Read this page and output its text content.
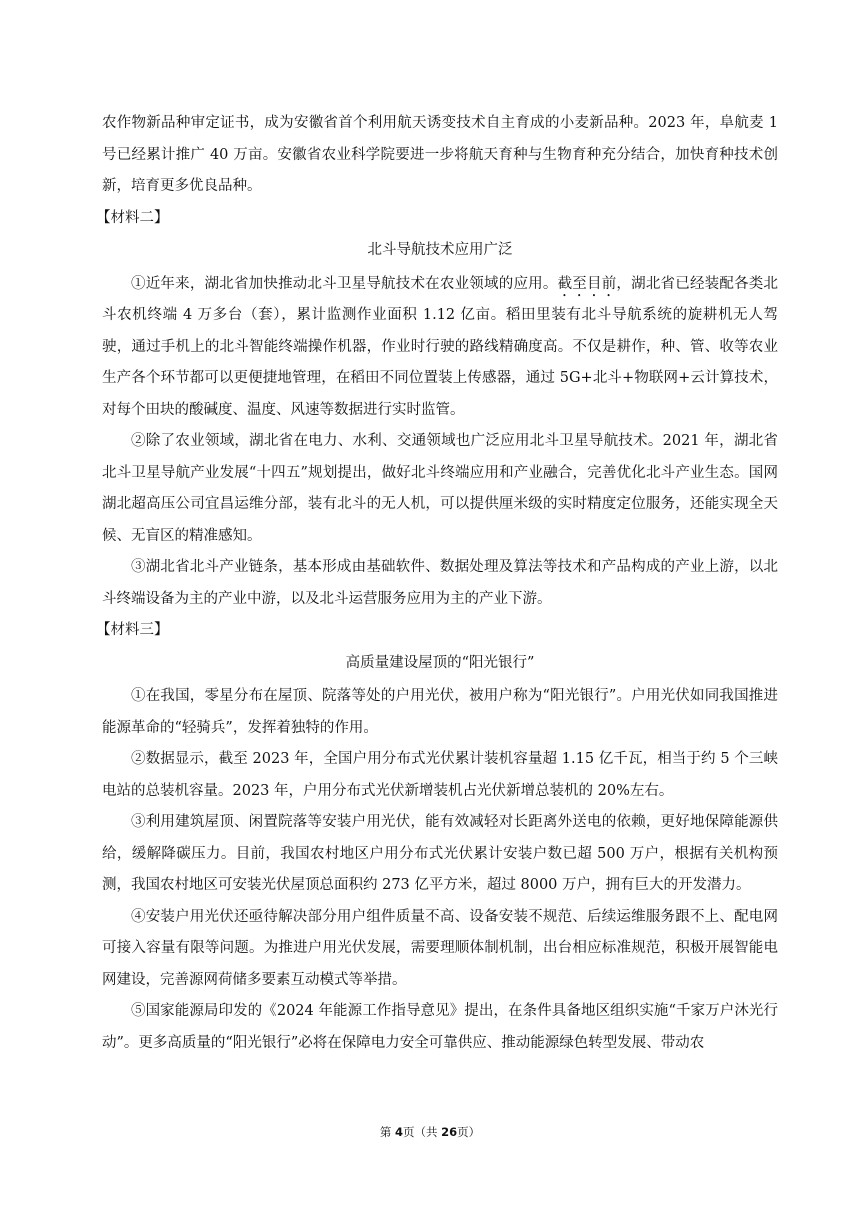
农作物新品种审定证书，成为安徽省首个利用航天诱变技术自主育成的小麦新品种。2023 年，阜航麦 1 号已经累计推广 40 万亩。安徽省农业科学院要进一步将航天育种与生物育种充分结合，加快育种技术创新，培育更多优良品种。

【材料二】

北斗导航技术应用广泛

①近年来，湖北省加快推动北斗卫星导航技术在农业领域的应用。截至目前，湖北省已经装配各类北斗农机终端 4 万多台（套），累计监测作业面积 1.12 亿亩。稻田里装有北斗导航系统的旋耕机无人驾驶，通过手机上的北斗智能终端操作机器，作业时行驶的路线精确度高。不仅是耕作，种、管、收等农业生产各个环节都可以更便捷地管理，在稻田不同位置装上传感器，通过 5G+北斗+物联网+云计算技术，对每个田块的酸碱度、温度、风速等数据进行实时监管。

②除了农业领域，湖北省在电力、水利、交通领域也广泛应用北斗卫星导航技术。2021 年，湖北省北斗卫星导航产业发展“十四五”规划提出，做好北斗终端应用和产业融合，完善优化北斗产业生态。国网湖北超高压公司宜昌运维分部，装有北斗的无人机，可以提供厘米级的实时精度定位服务，还能实现全天候、无盲区的精准感知。

③湖北省北斗产业链条，基本形成由基础软件、数据处理及算法等技术和产品构成的产业上游，以北斗终端设备为主的产业中游，以及北斗运营服务应用为主的产业下游。

【材料三】

高质量建设屋顶的“阳光银行”

①在我国，零星分布在屋顶、院落等处的户用光伏，被用户称为“阳光银行”。户用光伏如同我国推进能源革命的“轻骑兵”，发挥着独特的作用。

②数据显示，截至 2023 年，全国户用分布式光伏累计装机容量超 1.15 亿千瓦，相当于约 5 个三峡电站的总装机容量。2023 年，户用分布式光伏新增装机占光伏新增总装机的 20%左右。

③利用建筑屋顶、闲置院落等安装户用光伏，能有效减轻对长距离外送电的依赖，更好地保障能源供给，缓解降碳压力。目前，我国农村地区户用分布式光伏累计安装户数已超 500 万户，根据有关机构预测，我国农村地区可安装光伏屋顶总面积约 273 亿平方米，超过 8000 万户，拥有巨大的开发潜力。

④安装户用光伏还亟待解决部分用户组件质量不高、设备安装不规范、后续运维服务跟不上、配电网可接入容量有限等问题。为推进户用光伏发展，需要理顺体制机制，出台相应标准规范，积极开展智能电网建设，完善源网荷储多要素互动模式等举措。

⑤国家能源局印发的《2024 年能源工作指导意见》提出，在条件具备地区组织实施“千家万户沐光行动”。更多高质量的“阳光银行”必将在保障电力安全可靠供应、推动能源绿色转型发展、带动农

第 4页（共 26页）
